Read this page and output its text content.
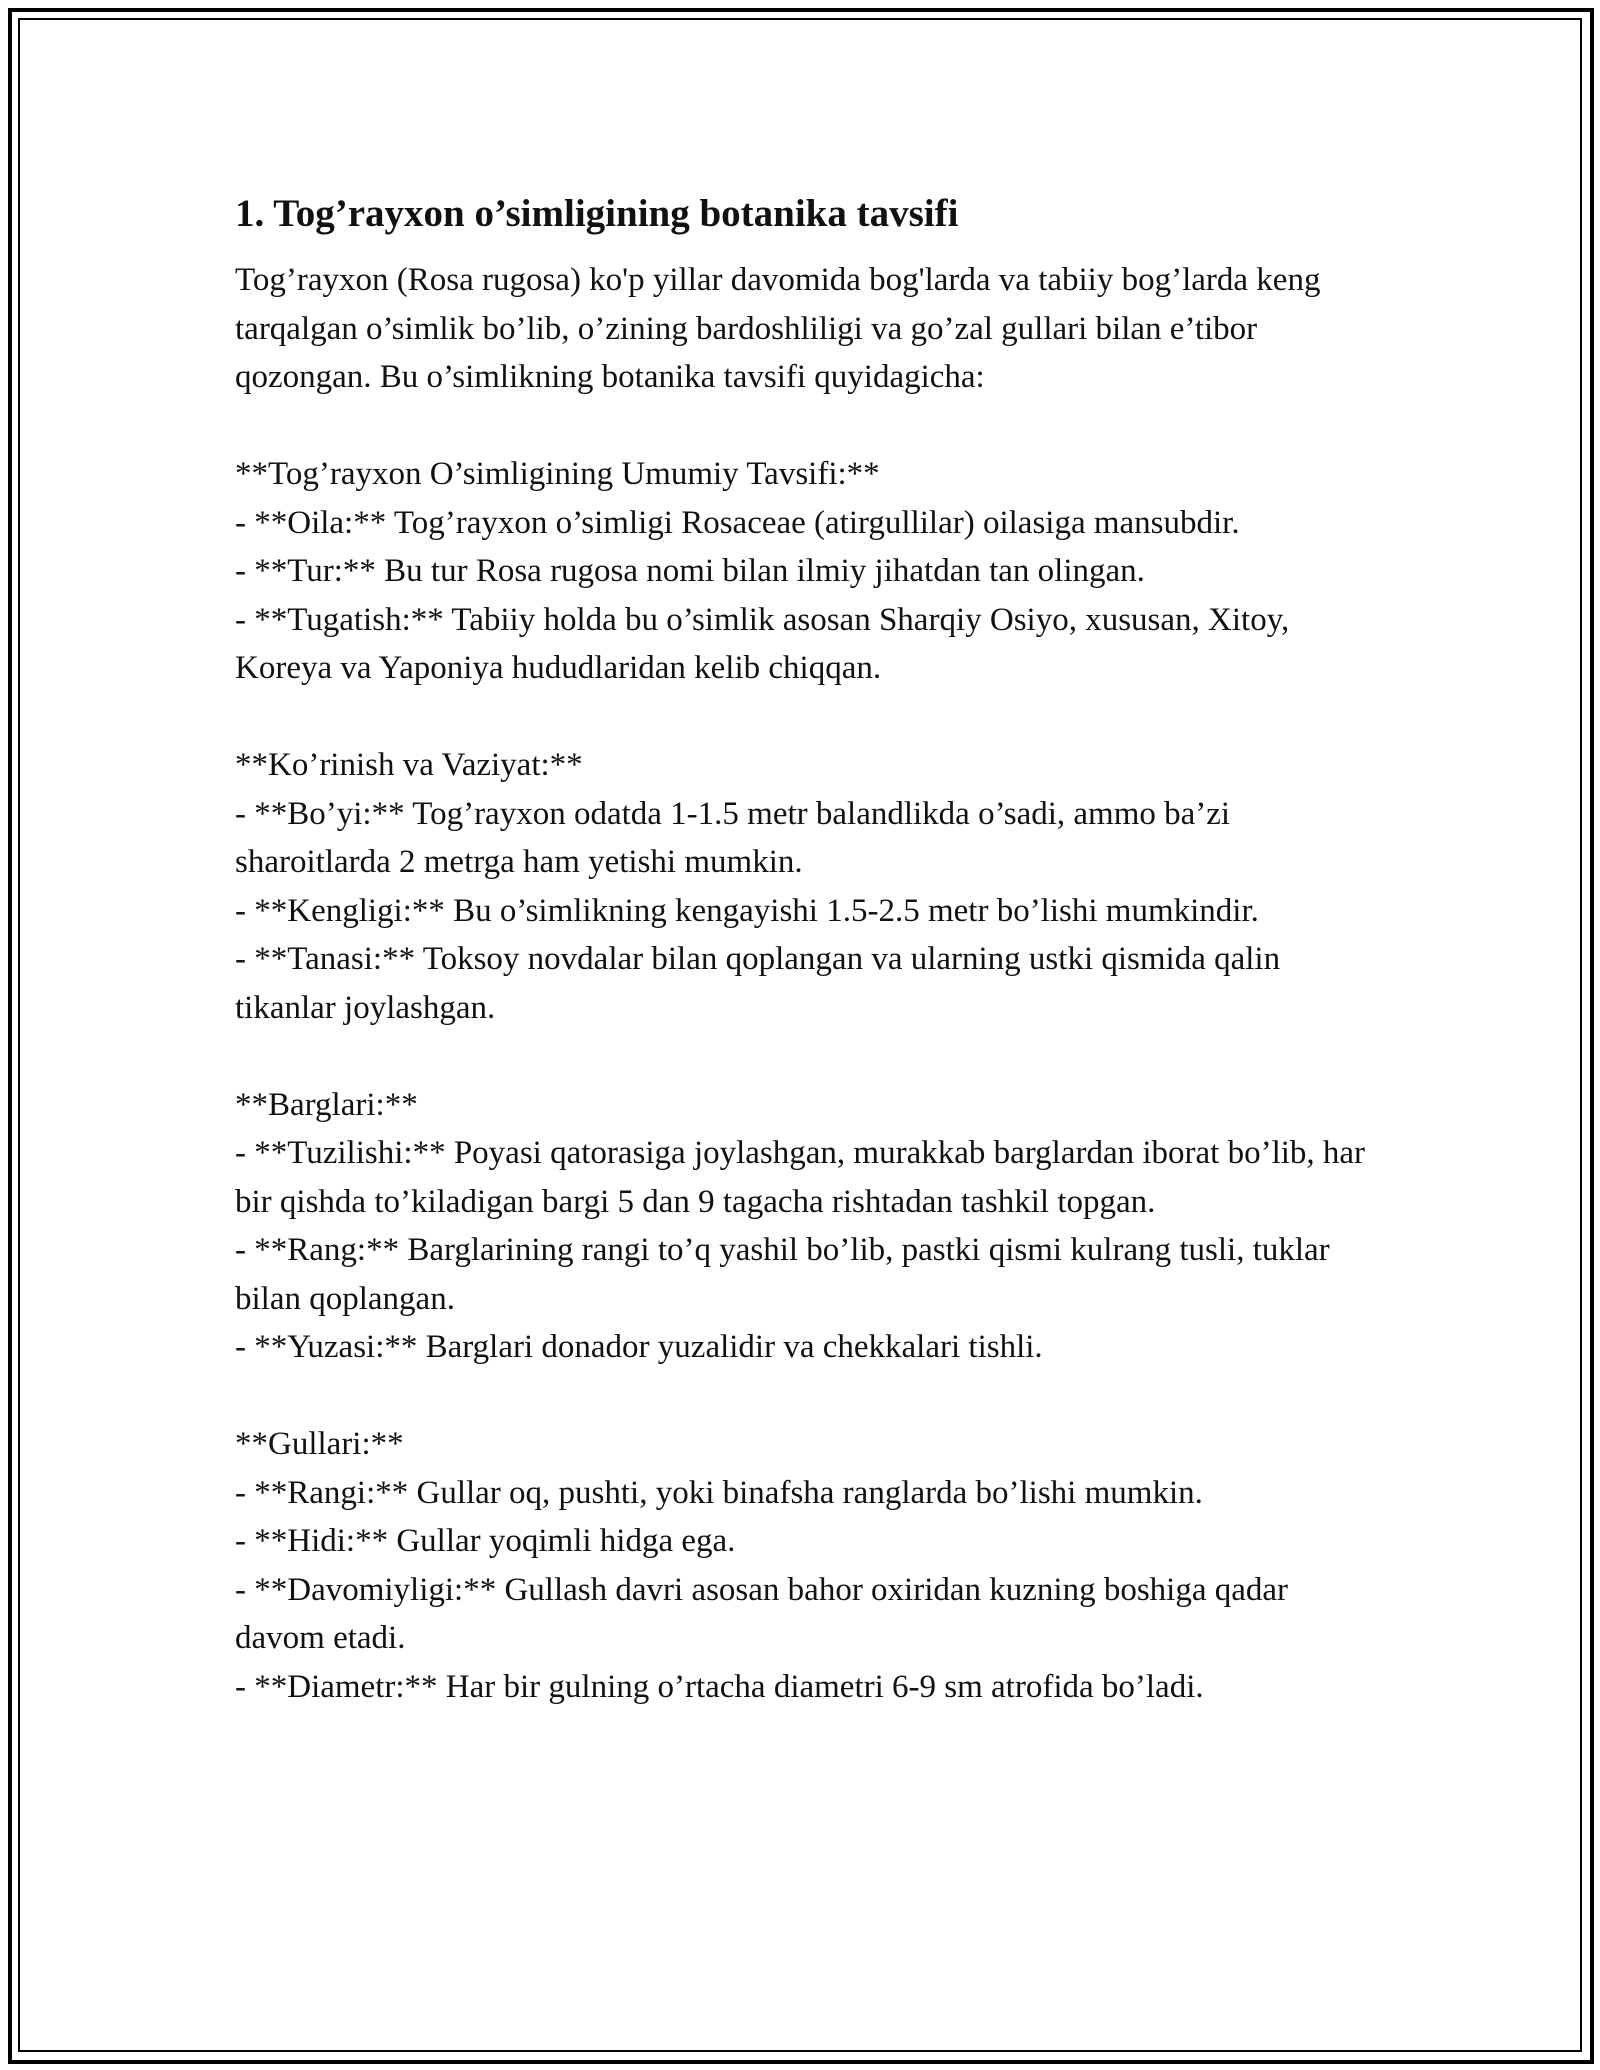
1. Tog’rayxon o’simligining botanika tavsifi

Tog’rayxon (Rosa rugosa) ko'p yillar davomida bog'larda va tabiiy bog’larda keng tarqalgan o’simlik bo’lib, o’zining bardoshliligi va go’zal gullari bilan e’tibor qozongan. Bu o’simlikning botanika tavsifi quyidagicha:

**Tog’rayxon O’simligining Umumiy Tavsifi:**

- **Oila:** Tog’rayxon o’simligi Rosaceae (atirgullilar) oilasiga mansubdir.

- **Tur:** Bu tur Rosa rugosa nomi bilan ilmiy jihatdan tan olingan.

- **Tugatish:** Tabiiy holda bu o’simlik asosan Sharqiy Osiyo, xususan, Xitoy, Koreya va Yaponiya hududlaridan kelib chiqqan.

**Ko’rinish va Vaziyat:**

- **Bo’yi:** Tog’rayxon odatda 1-1.5 metr balandlikda o’sadi, ammo ba’zi sharoitlarda 2 metrga ham yetishi mumkin.

- **Kengligi:** Bu o’simlikning kengayishi 1.5-2.5 metr bo’lishi mumkindir.

- **Tanasi:** Toksoy novdalar bilan qoplangan va ularning ustki qismida qalin tikanlar joylashgan.

**Barglari:**

- **Tuzilishi:** Poyasi qatorasiga joylashgan, murakkab barglardan iborat bo’lib, har bir qishda to’kiladigan bargi 5 dan 9 tagacha rishtadan tashkil topgan.

- **Rang:** Barglarining rangi to’q yashil bo’lib, pastki qismi kulrang tusli, tuklar bilan qoplangan.

- **Yuzasi:** Barglari donador yuzalidir va chekkalari tishli.

**Gullari:**

- **Rangi:** Gullar oq, pushti, yoki binafsha ranglarda bo’lishi mumkin.

- **Hidi:** Gullar yoqimli hidga ega.

- **Davomiyligi:** Gullash davri asosan bahor oxiridan kuzning boshiga qadar davom etadi.

- **Diametr:** Har bir gulning o’rtacha diametri 6-9 sm atrofida bo’ladi.
